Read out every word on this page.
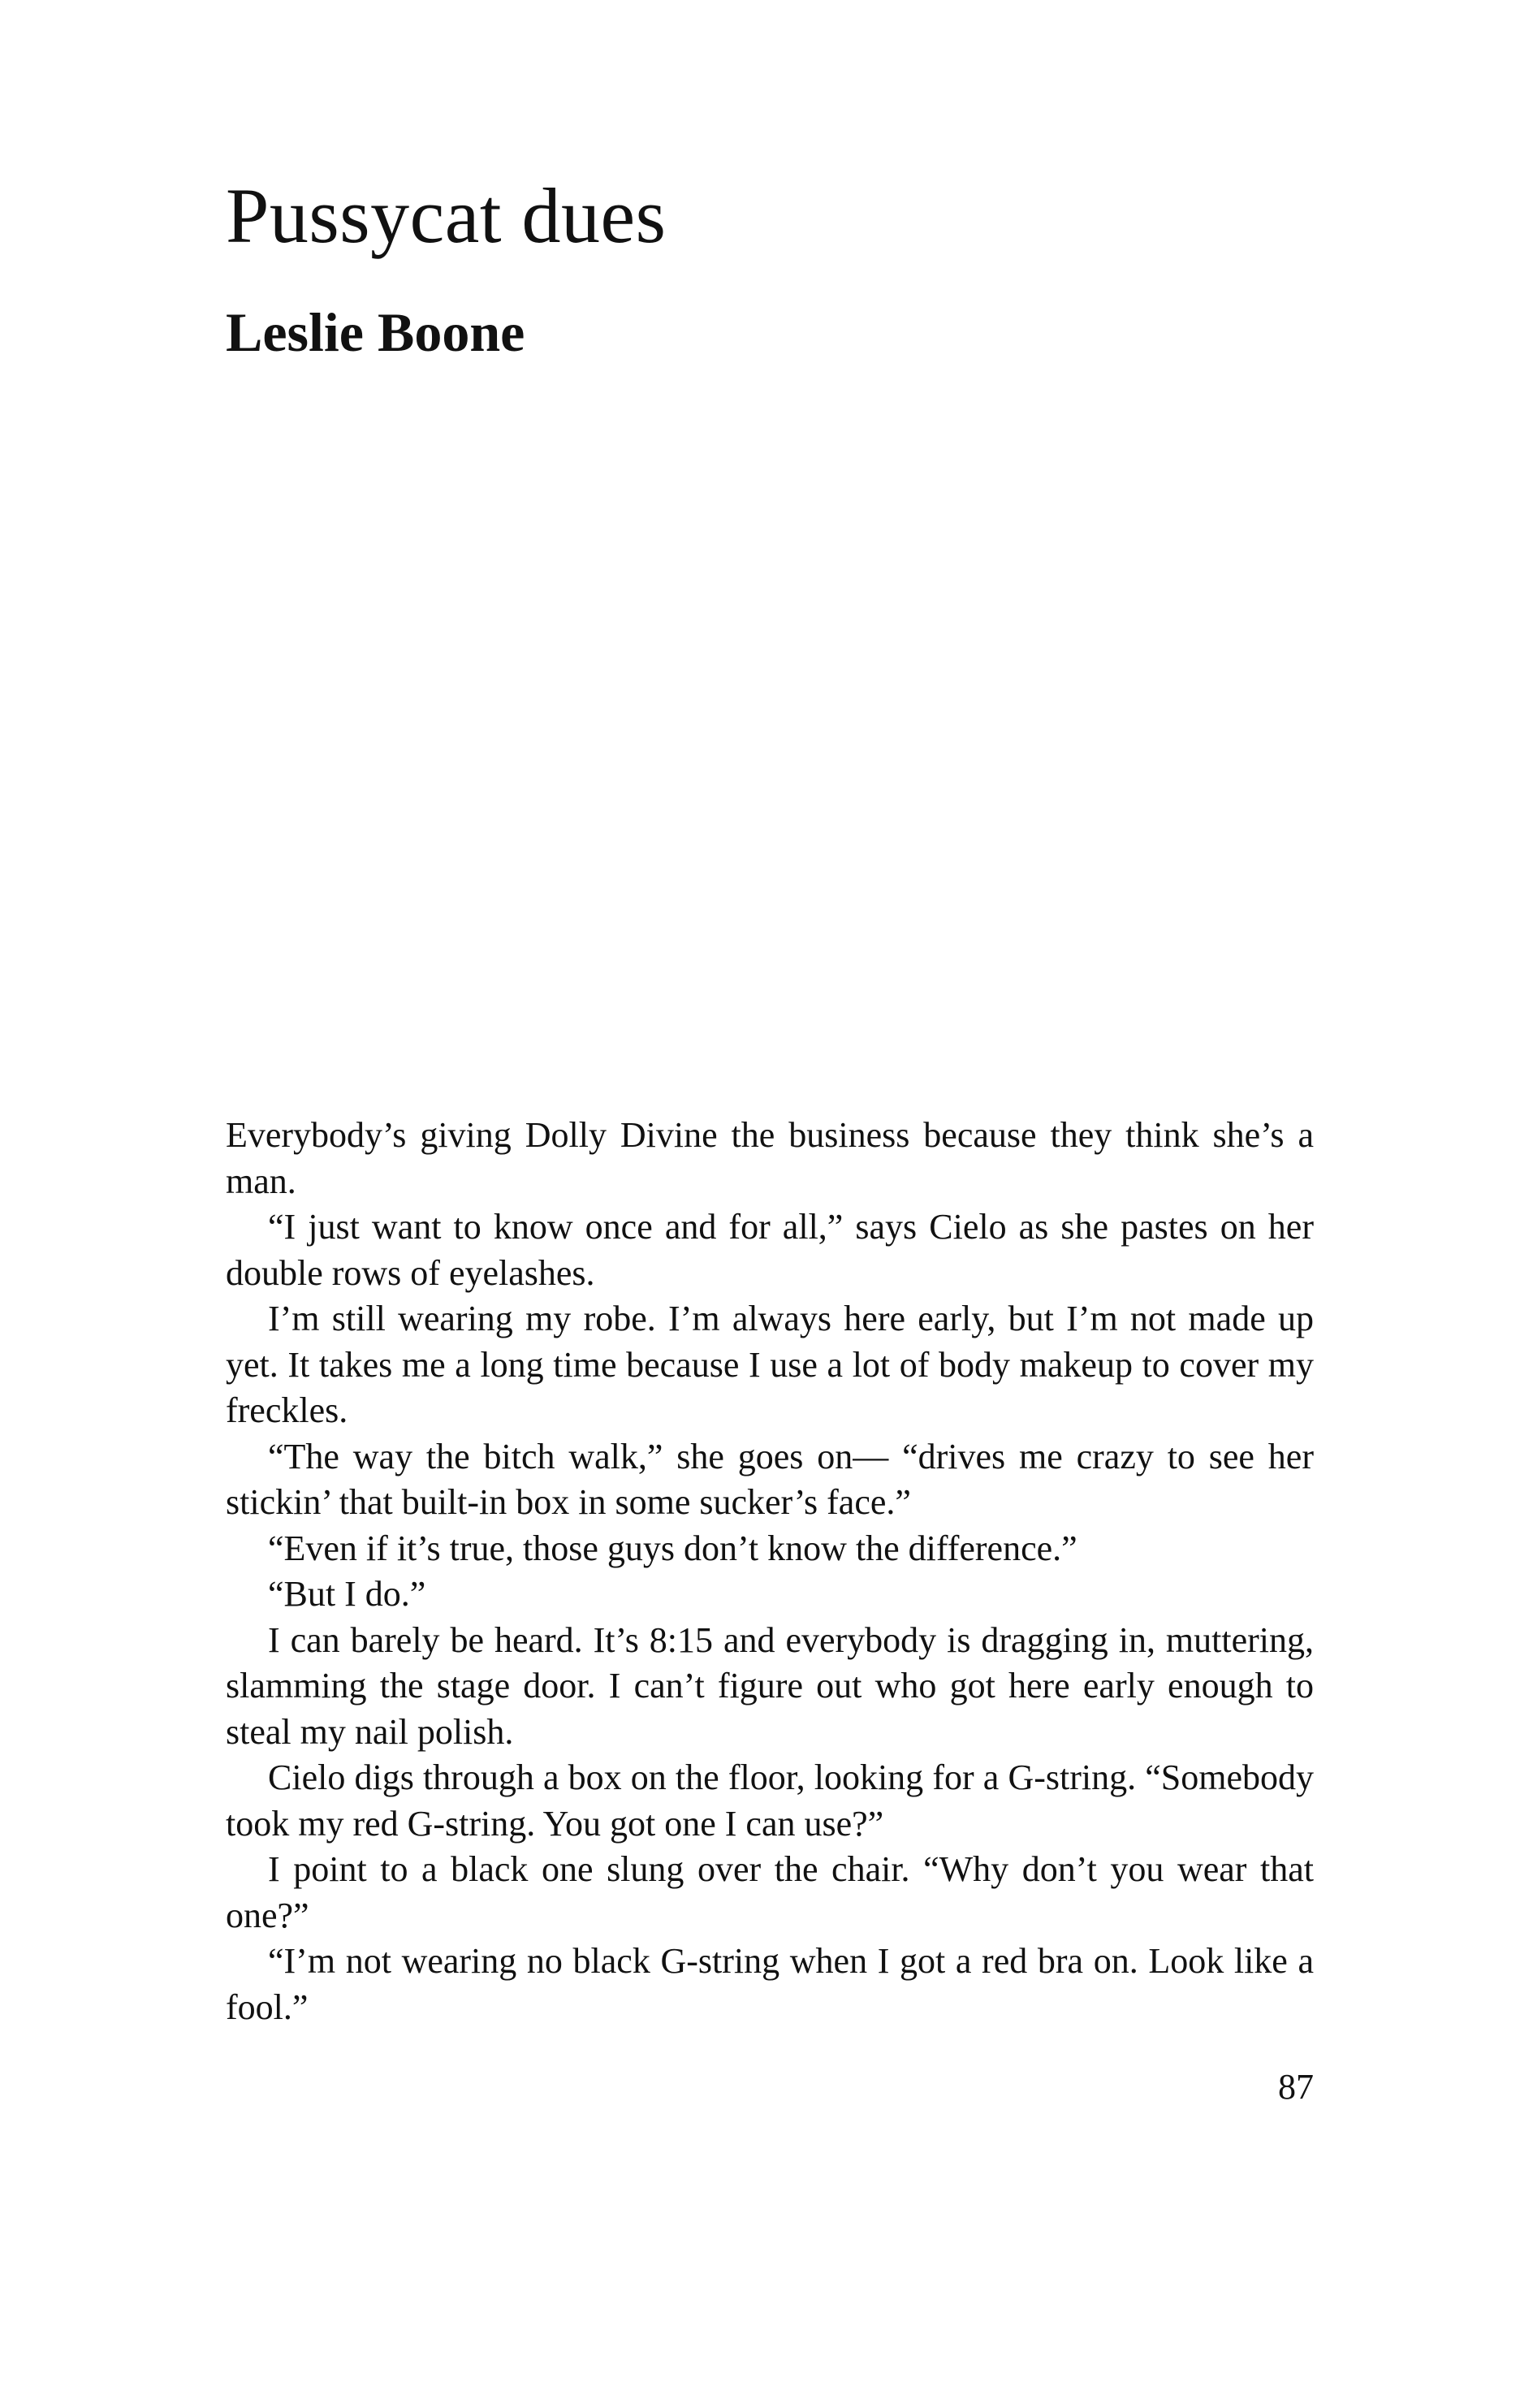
Pussycat dues
Leslie Boone

Everybody’s giving Dolly Divine the business because they think she’s a man.

“I just want to know once and for all,” says Cielo as she pastes on her double rows of eyelashes.

I’m still wearing my robe. I’m always here early, but I’m not made up yet. It takes me a long time because I use a lot of body makeup to cover my freckles.

“The way the bitch walk,” she goes on— “drives me crazy to see her stickin’ that built-in box in some sucker’s face.”

“Even if it’s true, those guys don’t know the difference.”

“But I do.”

I can barely be heard. It’s 8:15 and everybody is dragging in, muttering, slamming the stage door. I can’t figure out who got here early enough to steal my nail polish.

Cielo digs through a box on the floor, looking for a G-string. “Somebody took my red G-string. You got one I can use?”

I point to a black one slung over the chair. “Why don’t you wear that one?”

“I’m not wearing no black G-string when I got a red bra on. Look like a fool.”

87
